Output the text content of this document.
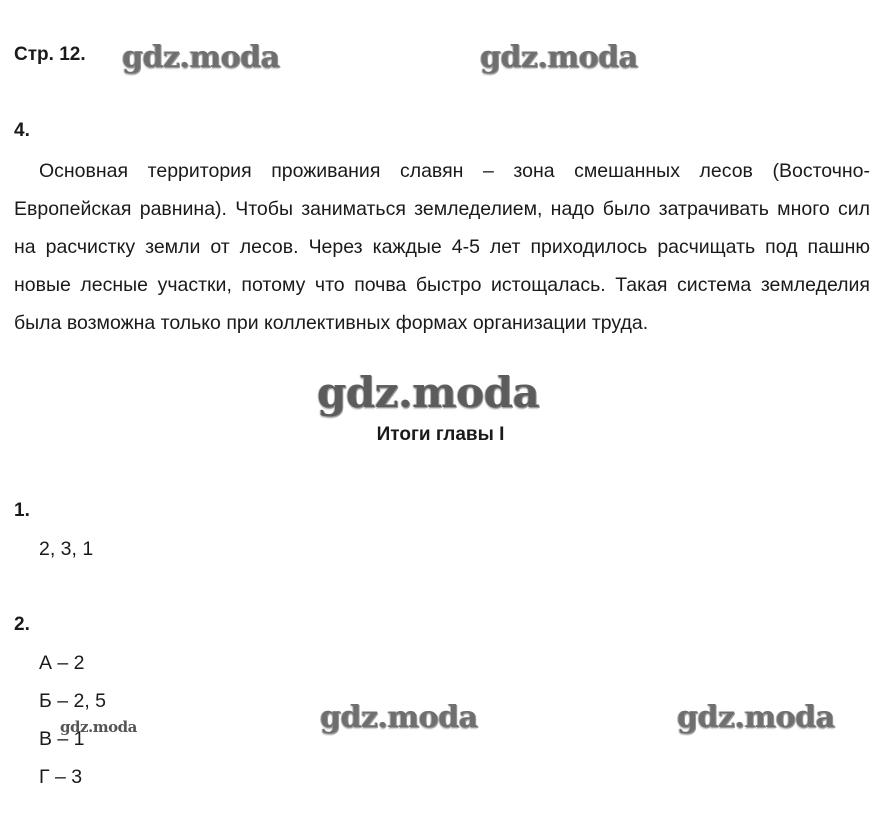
Стр. 12. gdz.moda	gdz.moda
4.

Основная территория проживания славян – зона смешанных лесов (Восточно-Европейская равнина). Чтобы заниматься земледелием, надо было затрачивать много сил на расчистку земли от лесов. Через каждые 4-5 лет приходилось расчищать под пашню новые лесные участки, потому что почва быстро истощалась. Такая система земледелия была возможна только при коллективных формах организации труда.

gdz.moda
Итоги главы I
1.
2, 3, 1
2.
А – 2
Б – 2, 5
В – 1
Г – 3
gdz.moda	gdz.moda	gdz.moda
